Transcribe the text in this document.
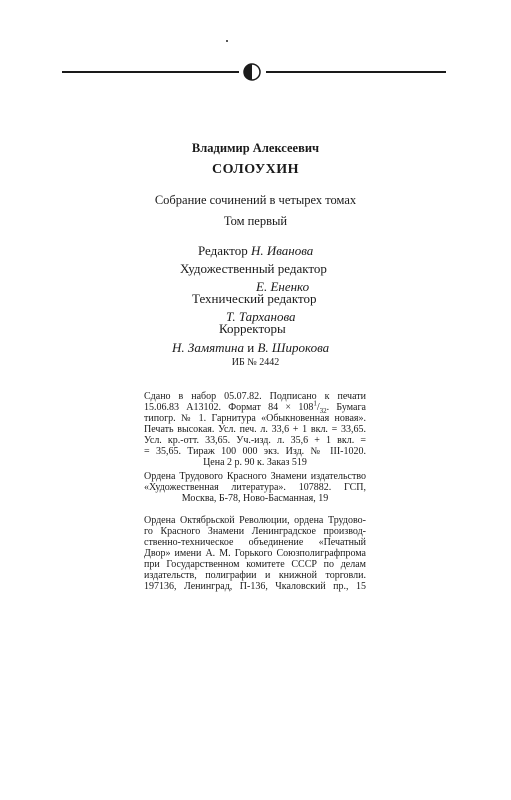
Владимир Алексеевич
СОЛОУХИН
Собрание сочинений в четырех томах
Том первый
Редактор Н. Иванова
Художественный редактор
Е. Ененко
Технический редактор
Т. Тарханова
Корректоры
Н. Замятина и В. Широкова
ИБ № 2442
Сдано в набор 05.07.82. Подписано к печати
15.06.83 А13102. Формат $84 \times 108^1/_{32}$. Бумага
типогр. № 1. Гарнитура «Обыкновенная новая».
Печать высокая. Усл. печ. л. 33,6 + 1 вкл. = 33,65.
Усл. кр.-отт. 33,65. Уч.-изд. л. 35,6 + 1 вкл. =
= 35,65. Тираж 100 000 экз. Изд. № III-1020.
Цена 2 р. 90 к. Заказ 519
Ордена Трудового Красного Знамени издательство
«Художественная литература». 107882. ГСП,
Москва, Б-78, Ново-Басманная, 19
Ордена Октябрьской Революции, ордена Трудово-
го Красного Знамени Ленинградское производ-
ственно-техническое объединение «Печатный
Двор» имени А. М. Горького Союзполиграфпрома
при Государственном комитете СССР по делам
издательств, полиграфии и книжной торговли.
197136, Ленинград, П-136, Чкаловский пр., 15
